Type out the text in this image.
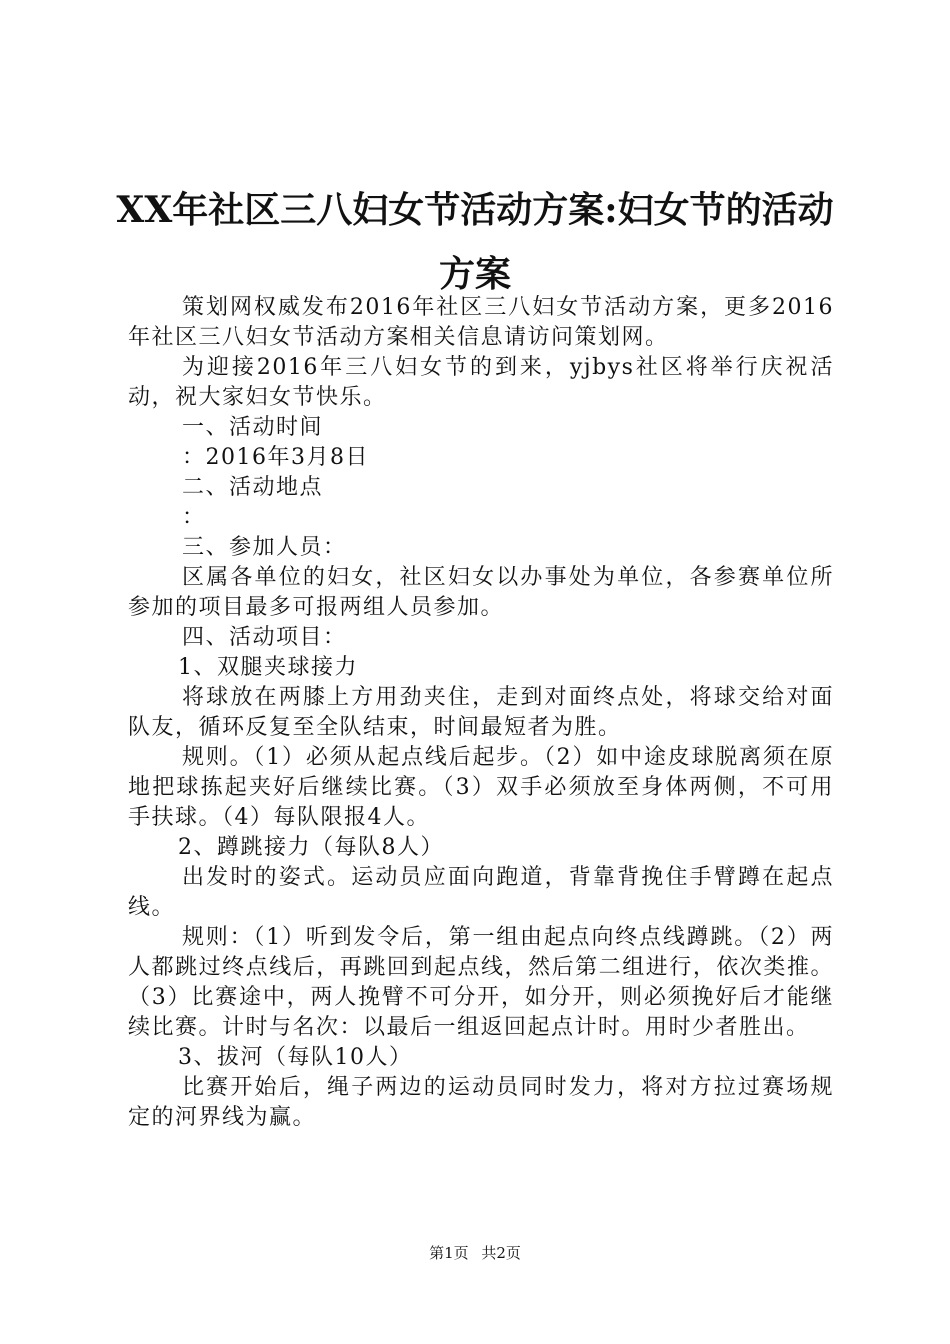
XX年社区三八妇女节活动方案:妇女节的活动方案

策划网权威发布2016年社区三八妇女节活动方案，更多2016年社区三八妇女节活动方案相关信息请访问策划网。

为迎接2016年三八妇女节的到来，yjbys社区将举行庆祝活动，祝大家妇女节快乐。

一、活动时间

：2016年3月8日

二、活动地点

：

三、参加人员：

区属各单位的妇女，社区妇女以办事处为单位，各参赛单位所参加的项目最多可报两组人员参加。

四、活动项目：

1、双腿夹球接力

将球放在两膝上方用劲夹住，走到对面终点处，将球交给对面队友，循环反复至全队结束，时间最短者为胜。

规则。（1）必须从起点线后起步。（2）如中途皮球脱离须在原地把球拣起夹好后继续比赛。（3）双手必须放至身体两侧，不可用手扶球。（4）每队限报4人。

2、蹲跳接力（每队8人）

出发时的姿式。运动员应面向跑道，背靠背挽住手臂蹲在起点线。

规则：（1）听到发令后，第一组由起点向终点线蹲跳。（2）两人都跳过终点线后，再跳回到起点线，然后第二组进行，依次类推。（3）比赛途中，两人挽臂不可分开，如分开，则必须挽好后才能继续比赛。计时与名次：以最后一组返回起点计时。用时少者胜出。

3、拔河（每队10人）

比赛开始后，绳子两边的运动员同时发力，将对方拉过赛场规定的河界线为赢。

第1页 共2页
